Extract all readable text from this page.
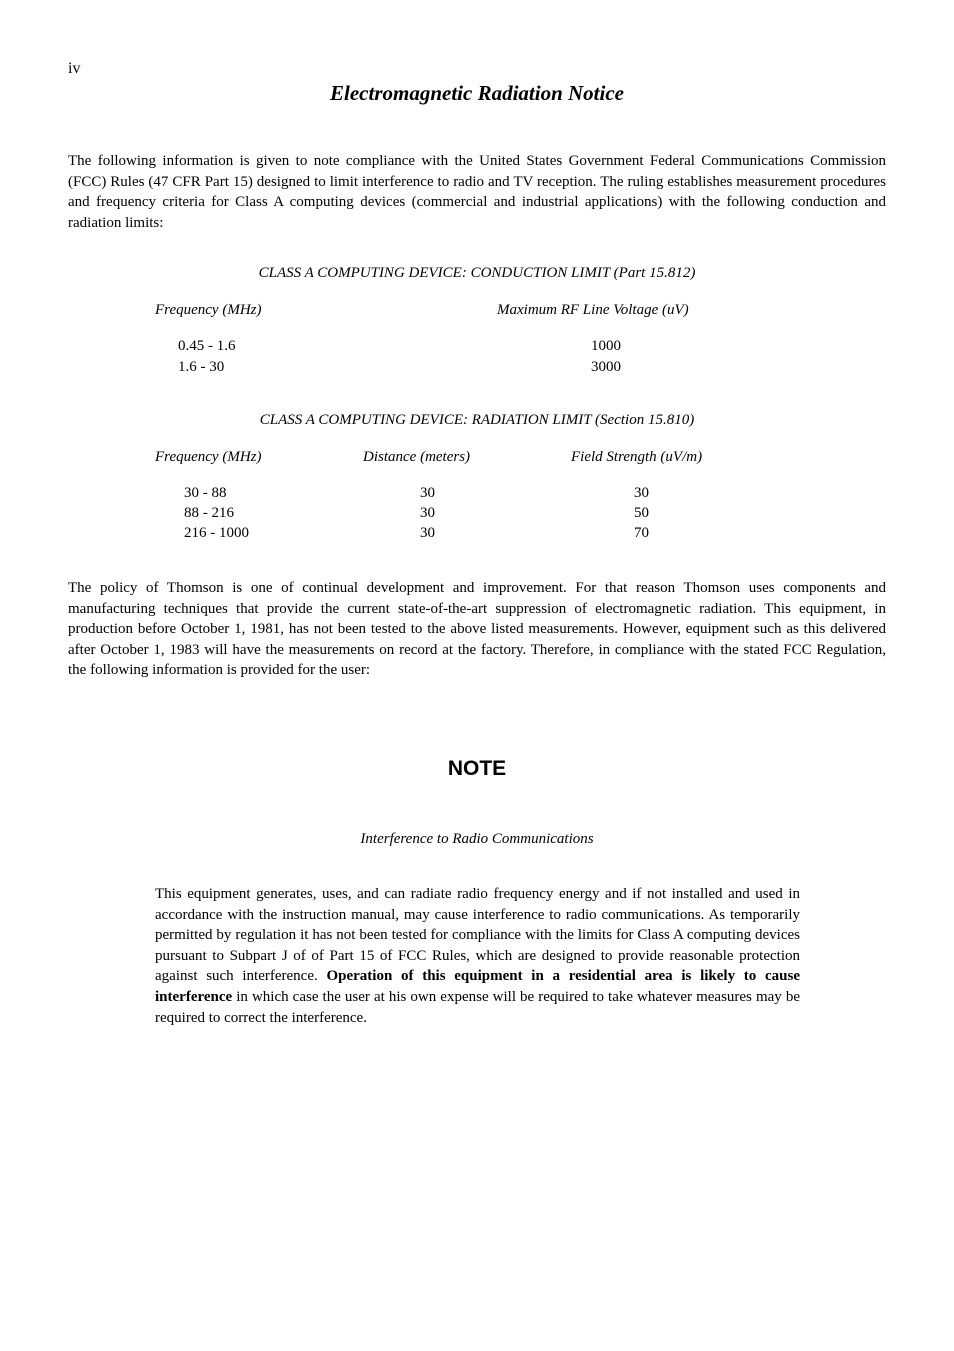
iv
Electromagnetic Radiation Notice
The following information is given to note compliance with the United States Government Federal Communications Commission (FCC) Rules (47 CFR Part 15) designed to limit interference to radio and TV reception. The ruling establishes measurement procedures and frequency criteria for Class A computing devices (commercial and industrial applications) with the following conduction and radiation limits:
CLASS A COMPUTING DEVICE: CONDUCTION LIMIT (Part 15.812)
Frequency (MHz)	Maximum RF Line Voltage (uV)
0.45 - 1.6	1000
1.6 - 30	3000
CLASS A COMPUTING DEVICE: RADIATION LIMIT (Section 15.810)
Frequency (MHz)	Distance (meters)	Field Strength (uV/m)
30 - 88	30	30
88 - 216	30	50
216 - 1000	30	70
The policy of Thomson is one of continual development and improvement. For that reason Thomson uses components and manufacturing techniques that provide the current state-of-the-art suppression of electromagnetic radiation. This equipment, in production before October 1, 1981, has not been tested to the above listed measurements. However, equipment such as this delivered after October 1, 1983 will have the measurements on record at the factory. Therefore, in compliance with the stated FCC Regulation, the following information is provided for the user:
NOTE
Interference to Radio Communications
This equipment generates, uses, and can radiate radio frequency energy and if not installed and used in accordance with the instruction manual, may cause interference to radio communications. As temporarily permitted by regulation it has not been tested for compliance with the limits for Class A computing devices pursuant to Subpart J of of Part 15 of FCC Rules, which are designed to provide reasonable protection against such interference. Operation of this equipment in a residential area is likely to cause interference in which case the user at his own expense will be required to take whatever measures may be required to correct the interference.
